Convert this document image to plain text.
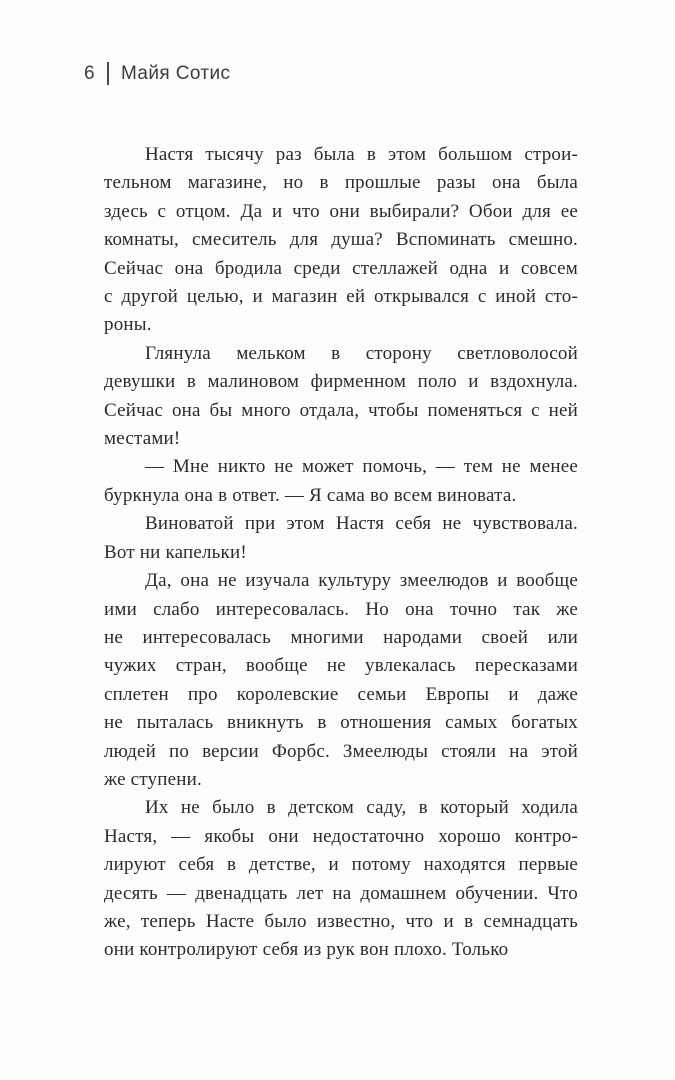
6 Майя Сотис
Настя тысячу раз была в этом большом строи-
тельном магазине, но в прошлые разы она была
здесь с отцом. Да и что они выбирали? Обои для ее
комнаты, смеситель для душа? Вспоминать смешно.
Сейчас она бродила среди стеллажей одна и совсем
с другой целью, и магазин ей открывался с иной сто-
роны.
Глянула мельком в сторону светловолосой
девушки в малиновом фирменном поло и вздохнула.
Сейчас она бы много отдала, чтобы поменяться с ней
местами!
— Мне никто не может помочь, — тем не менее
буркнула она в ответ. — Я сама во всем виновата.
Виноватой при этом Настя себя не чувствовала.
Вот ни капельки!
Да, она не изучала культуру змеелюдов и вообще
ими слабо интересовалась. Но она точно так же
не интересовалась многими народами своей или
чужих стран, вообще не увлекалась пересказами
сплетен про королевские семьи Европы и даже
не пыталась вникнуть в отношения самых богатых
людей по версии Форбс. Змеелюды стояли на этой
же ступени.
Их не было в детском саду, в который ходила
Настя, — якобы они недостаточно хорошо контро-
лируют себя в детстве, и потому находятся первые
десять — двенадцать лет на домашнем обучении. Что
же, теперь Насте было известно, что и в семнадцать
они контролируют себя из рук вон плохо. Только
